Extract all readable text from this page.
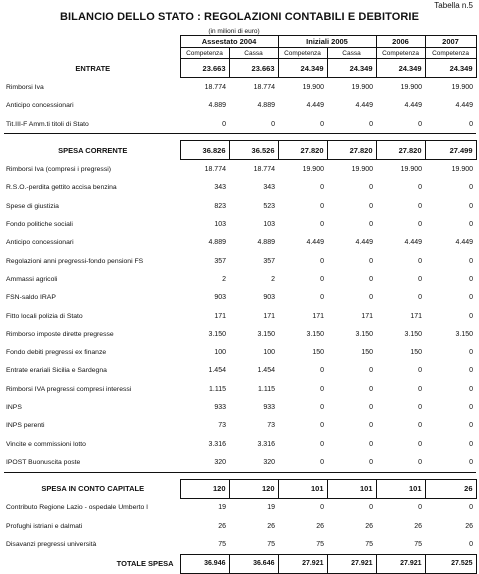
Tabella n.5
BILANCIO DELLO STATO : REGOLAZIONI CONTABILI E DEBITORIE
(in milioni di euro)
	Assestato 2004		Iniziali 2005		2006	2007
	Competenza	Cassa	Competenza	Cassa	Competenza	Competenza
ENTRATE	23.663	23.663	24.349	24.349	24.349	24.349
Rimborsi Iva	18.774	18.774	19.900	19.900	19.900	19.900
Anticipo concessionari	4.889	4.889	4.449	4.449	4.449	4.449
Tit.III-F Amm.ti titoli di Stato	0	0	0	0	0	0

SPESA CORRENTE	36.826	36.526	27.820	27.820	27.820	27.499
Rimborsi Iva (compresi i pregressi)	18.774	18.774	19.900	19.900	19.900	19.900
R.S.O.-perdita gettito accisa benzina	343	343	0	0	0	0
Spese di giustizia	823	523	0	0	0	0
Fondo politiche sociali	103	103	0	0	0	0
Anticipo concessionari	4.889	4.889	4.449	4.449	4.449	4.449
Regolazioni anni pregressi-fondo pensioni FS	357	357	0	0	0	0
Ammassi agricoli	2	2	0	0	0	0
FSN-saldo IRAP	903	903	0	0	0	0
Fitto locali polizia di Stato	171	171	171	171	171	0
Rimborso imposte dirette pregresse	3.150	3.150	3.150	3.150	3.150	3.150
Fondo debiti pregressi ex finanze	100	100	150	150	150	0
Entrate erariali Sicilia e Sardegna	1.454	1.454	0	0	0	0
Rimborsi IVA pregressi compresi interessi	1.115	1.115	0	0	0	0
INPS	933	933	0	0	0	0
INPS perenti	73	73	0	0	0	0
Vincite e commissioni lotto	3.316	3.316	0	0	0	0
IPOST Buonuscita poste	320	320	0	0	0	0

SPESA IN CONTO CAPITALE	120	120	101	101	101	26
Contributo Regione Lazio - ospedale Umberto I	19	19	0	0	0	0
Profughi istriani e dalmati	26	26	26	26	26	26
Disavanzi pregressi università	75	75	75	75	75	0
TOTALE SPESA	36.946	36.646	27.921	27.921	27.921	27.525
